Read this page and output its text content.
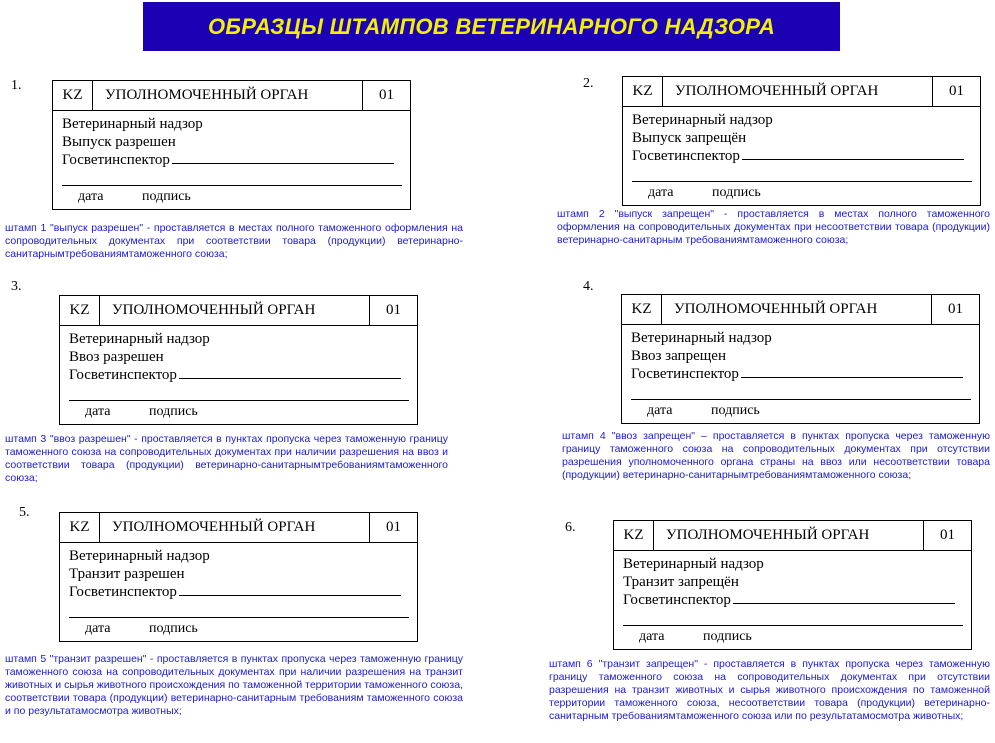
ОБРАЗЦЫ ШТАМПОВ ВЕТЕРИНАРНОГО НАДЗОРА
1.
KZ	УПОЛНОМОЧЕННЫЙ ОРГАН	01
Ветеринарный надзор
Выпуск разрешен
Госветинспектор
дата	подпись
штамп 1 "выпуск разрешен" - проставляется в местах полного таможенного оформления на сопроводительных документах при соответствии товара (продукции) ветеринарно-санитарнымтребованиямтаможенного союза;
2.	KZ	УПОЛНОМОЧЕННЫЙ ОРГАН	01
Ветеринарный надзор
Выпуск запрещён
Госветинспектор
дата	подпись
штамп 2 "выпуск запрещен" - проставляется в местах полного таможенного оформления на сопроводительных документах при несоответствии товара (продукции) ветеринарно-санитарным требованиямтаможенного союза;
3.
KZ	УПОЛНОМОЧЕННЫЙ ОРГАН	01
Ветеринарный надзор
Ввоз разрешен
Госветинспектор
дата	подпись
штамп 3 "ввоз разрешен" - проставляется в пунктах пропуска через таможенную границу таможенного союза на сопроводительных документах при наличии разрешения на ввоз и соответствии товара (продукции) ветеринарно-санитарнымтребованиямтаможенного союза;
4.
KZ	УПОЛНОМОЧЕННЫЙ ОРГАН	01
Ветеринарный надзор
Ввоз запрещен
Госветинспектор
дата	подпись
штамп 4 "ввоз запрещен" – проставляется в пунктах пропуска через таможенную границу таможенного союза на сопроводительных документах при отсутствии разрешения уполномоченного органа страны на ввоз или несоответствии товара (продукции) ветеринарно-санитарнымтребованиямтаможенного союза;
5.
KZ	УПОЛНОМОЧЕННЫЙ ОРГАН	01
Ветеринарный надзор
Транзит разрешен
Госветинспектор
дата	подпись
штамп 5 "транзит разрешен" - проставляется в пунктах пропуска через таможенную границу таможенного союза на сопроводительных документах при наличии разрешения на транзит животных и сырья животного происхождения по таможенной территории таможенного союза, соответствии товара (продукции) ветеринарно-санитарным требованиям таможенного союза и по результатамосмотра животных;
6.	KZ	УПОЛНОМОЧЕННЫЙ ОРГАН	01
Ветеринарный надзор
Транзит запрещён
Госветинспектор
дата	подпись
штамп 6 "транзит запрещен" - проставляется в пунктах пропуска через таможенную границу таможенного союза на сопроводительных документах при отсутствии разрешения на транзит животных и сырья животного происхождения по таможенной территории таможенного союза, несоответствии товара (продукции) ветеринарно-санитарным требованиямтаможенного союза или по результатамосмотра животных;
